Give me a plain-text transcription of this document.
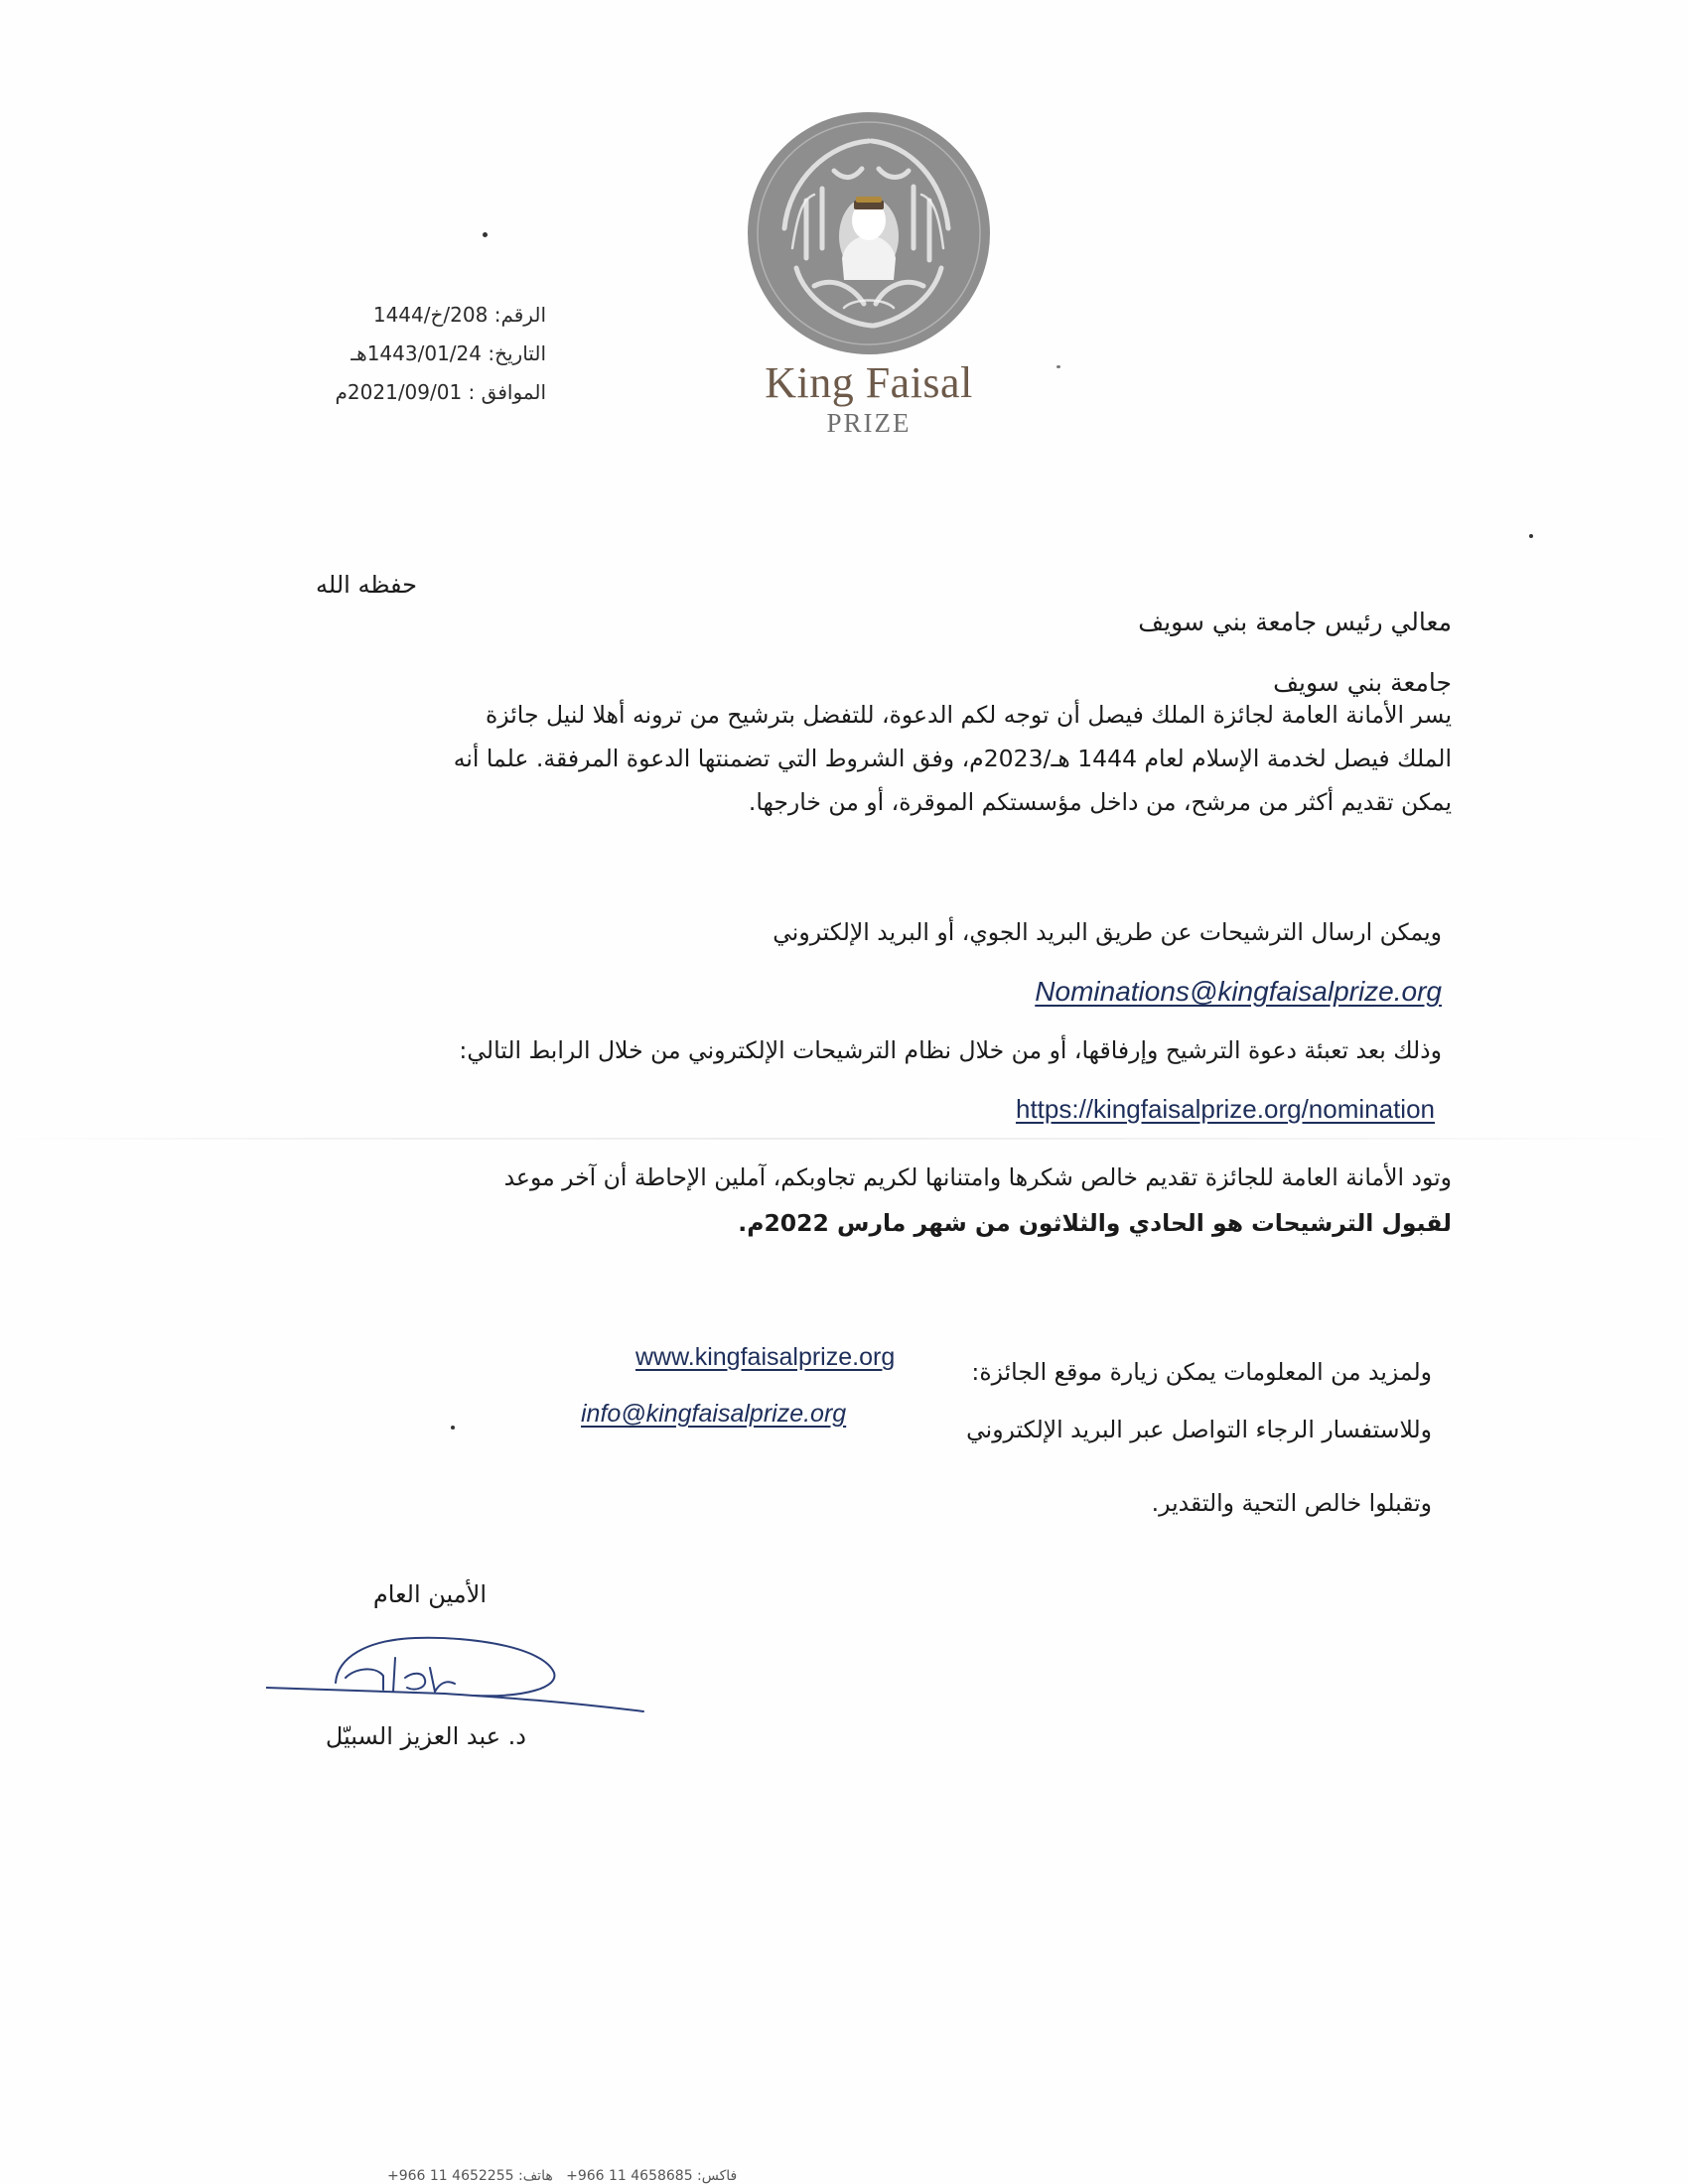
King Faisal
PRIZE
الرقم: 208/خ/1444
التاريخ: 1443/01/24هـ
الموافق : 2021/09/01م
حفظه الله
معالي رئيس جامعة بني سويف
جامعة بني سويف
يسر الأمانة العامة لجائزة الملك فيصل أن توجه لكم الدعوة، للتفضل بترشيح من ترونه أهلا لنيل جائزة
الملك فيصل لخدمة الإسلام لعام 1444 هـ/2023م، وفق الشروط التي تضمنتها الدعوة المرفقة. علما أنه
يمكن تقديم أكثر من مرشح، من داخل مؤسستكم الموقرة، أو من خارجها.
ويمكن ارسال الترشيحات عن طريق البريد الجوي، أو البريد الإلكتروني
Nominations@kingfaisalprize.org
وذلك بعد تعبئة دعوة الترشيح وإرفاقها، أو من خلال نظام الترشيحات الإلكتروني من خلال الرابط التالي:
https://kingfaisalprize.org/nomination
وتود الأمانة العامة للجائزة تقديم خالص شكرها وامتنانها لكريم تجاوبكم، آملين الإحاطة أن آخر موعد
لقبول الترشيحات هو الحادي والثلاثون من شهر مارس 2022م.
ولمزيد من المعلومات يمكن زيارة موقع الجائزة:
www.kingfaisalprize.org
وللاستفسار الرجاء التواصل عبر البريد الإلكتروني
info@kingfaisalprize.org
وتقبلوا خالص التحية والتقدير.
الأمين العام
د. عبد العزيز السبيّل
+966 11 4652255 :هاتف ‎ ‎ +966 11 4658685 :فاكس
